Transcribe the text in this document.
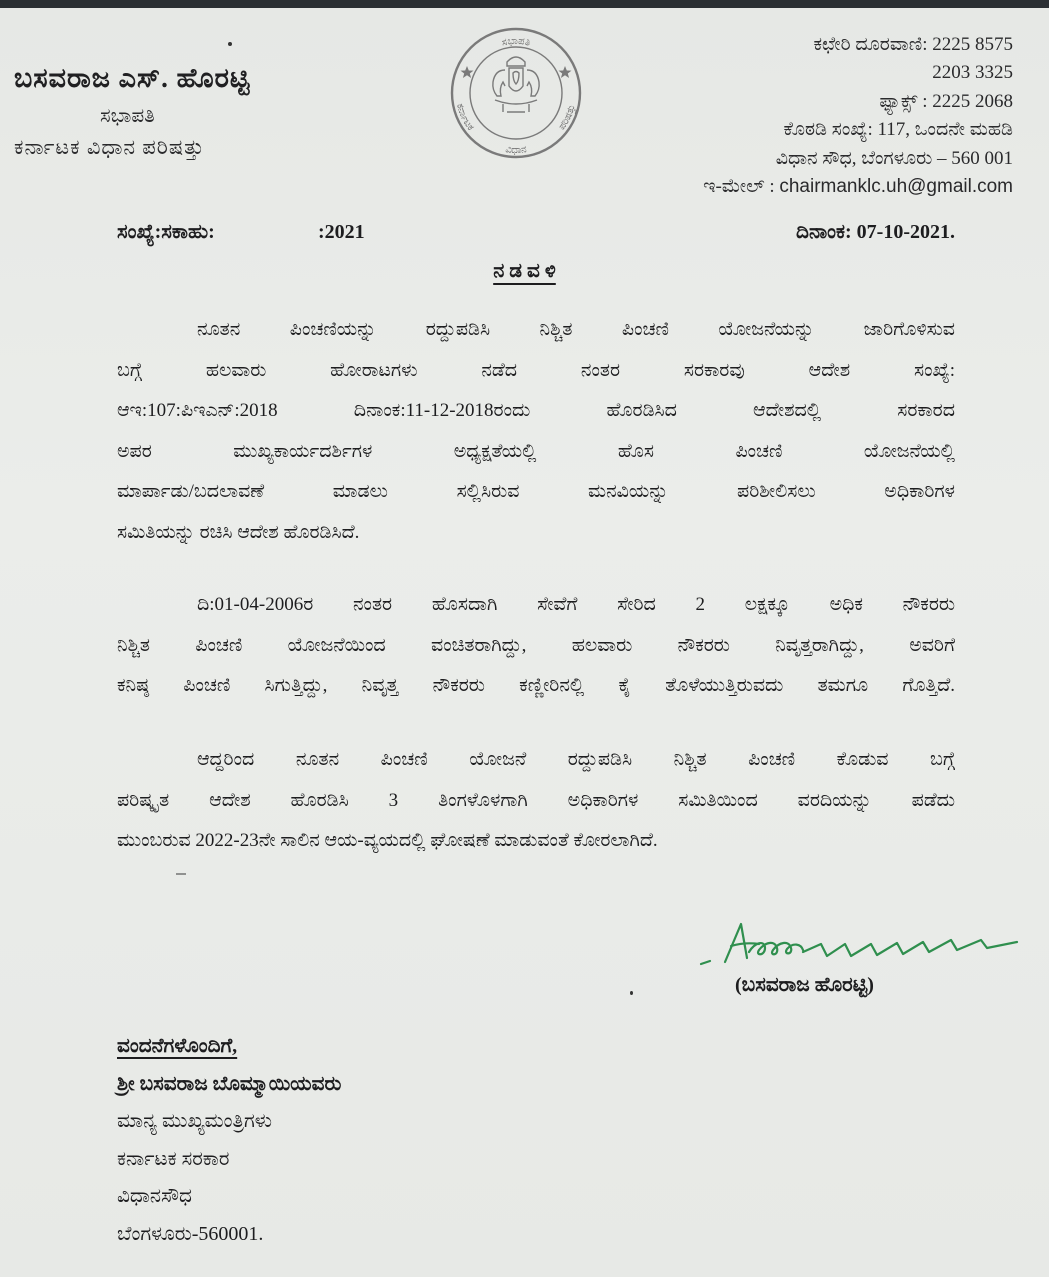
ಬಸವರಾಜ ಎಸ್. ಹೊರಟ್ಟಿ
ಸಭಾಪತಿ
ಕರ್ನಾಟಕ ವಿಧಾನ ಪರಿಷತ್ತು
ಸಭಾಪತಿ
ಕರ್ನಾಟಕ
ವಿಧಾನ
ಪರಿಷತ್ತು
ಕಛೇರಿ ದೂರವಾಣಿ: 2225 8575
2203 3325
ಫ್ಯಾಕ್ಸ್ : 2225 2068
ಕೊಠಡಿ ಸಂಖ್ಯೆ: 117, ಒಂದನೇ ಮಹಡಿ
ವಿಧಾನ ಸೌಧ, ಬೆಂಗಳೂರು – 560 001
ಇ-ಮೇಲ್ : chairmanklc.uh@gmail.com
ಸಂಖ್ಯೆ:ಸಕಾಹು:	:2021	ದಿನಾಂಕ: 07-10-2021.
ನ ಡ ವ ಳಿ
ನೂತನ ಪಿಂಚಣಿಯನ್ನು ರದ್ದುಪಡಿಸಿ ನಿಶ್ಚಿತ ಪಿಂಚಣಿ ಯೋಜನೆಯನ್ನು ಜಾರಿಗೊಳಿಸುವ
ಬಗ್ಗೆ ಹಲವಾರು ಹೋರಾಟಗಳು ನಡೆದ ನಂತರ ಸರಕಾರವು ಆದೇಶ ಸಂಖ್ಯೆ:
ಆಇ:107:ಪಿಇಎನ್:2018 ದಿನಾಂಕ:11-12-2018ರಂದು ಹೊರಡಿಸಿದ ಆದೇಶದಲ್ಲಿ ಸರಕಾರದ
ಅಪರ ಮುಖ್ಯಕಾರ್ಯದರ್ಶಿಗಳ ಅಧ್ಯಕ್ಷತೆಯಲ್ಲಿ ಹೊಸ ಪಿಂಚಣಿ ಯೋಜನೆಯಲ್ಲಿ
ಮಾರ್ಪಾಡು/ಬದಲಾವಣೆ ಮಾಡಲು ಸಲ್ಲಿಸಿರುವ ಮನವಿಯನ್ನು ಪರಿಶೀಲಿಸಲು ಅಧಿಕಾರಿಗಳ
ಸಮಿತಿಯನ್ನು ರಚಿಸಿ ಆದೇಶ ಹೊರಡಿಸಿದೆ.
ದಿ:01-04-2006ರ ನಂತರ ಹೊಸದಾಗಿ ಸೇವೆಗೆ ಸೇರಿದ 2 ಲಕ್ಷಕ್ಕೂ ಅಧಿಕ ನೌಕರರು
ನಿಶ್ಚಿತ ಪಿಂಚಣಿ ಯೋಜನೆಯಿಂದ ವಂಚಿತರಾಗಿದ್ದು, ಹಲವಾರು ನೌಕರರು ನಿವೃತ್ತರಾಗಿದ್ದು, ಅವರಿಗೆ
ಕನಿಷ್ಠ ಪಿಂಚಣಿ ಸಿಗುತ್ತಿದ್ದು, ನಿವೃತ್ತ ನೌಕರರು ಕಣ್ಣೀರಿನಲ್ಲಿ ಕೈ ತೊಳೆಯುತ್ತಿರುವದು ತಮಗೂ ಗೊತ್ತಿದೆ.
ಆದ್ದರಿಂದ ನೂತನ ಪಿಂಚಣಿ ಯೋಜನೆ ರದ್ದುಪಡಿಸಿ ನಿಶ್ಚಿತ ಪಿಂಚಣಿ ಕೊಡುವ ಬಗ್ಗೆ
ಪರಿಷ್ಕೃತ ಆದೇಶ ಹೊರಡಿಸಿ 3 ತಿಂಗಳೊಳಗಾಗಿ ಅಧಿಕಾರಿಗಳ ಸಮಿತಿಯಿಂದ ವರದಿಯನ್ನು ಪಡೆದು
ಮುಂಬರುವ 2022-23ನೇ ಸಾಲಿನ ಆಯ-ವ್ಯಯದಲ್ಲಿ ಘೋಷಣೆ ಮಾಡುವಂತೆ ಕೋರಲಾಗಿದೆ.
(ಬಸವರಾಜ ಹೊರಟ್ಟಿ)
ವಂದನೆಗಳೊಂದಿಗೆ,
ಶ್ರೀ ಬಸವರಾಜ ಬೊಮ್ಮಾಯಿಯವರು
ಮಾನ್ಯ ಮುಖ್ಯಮಂತ್ರಿಗಳು
ಕರ್ನಾಟಕ ಸರಕಾರ
ವಿಧಾನಸೌಧ
ಬೆಂಗಳೂರು-560001.
